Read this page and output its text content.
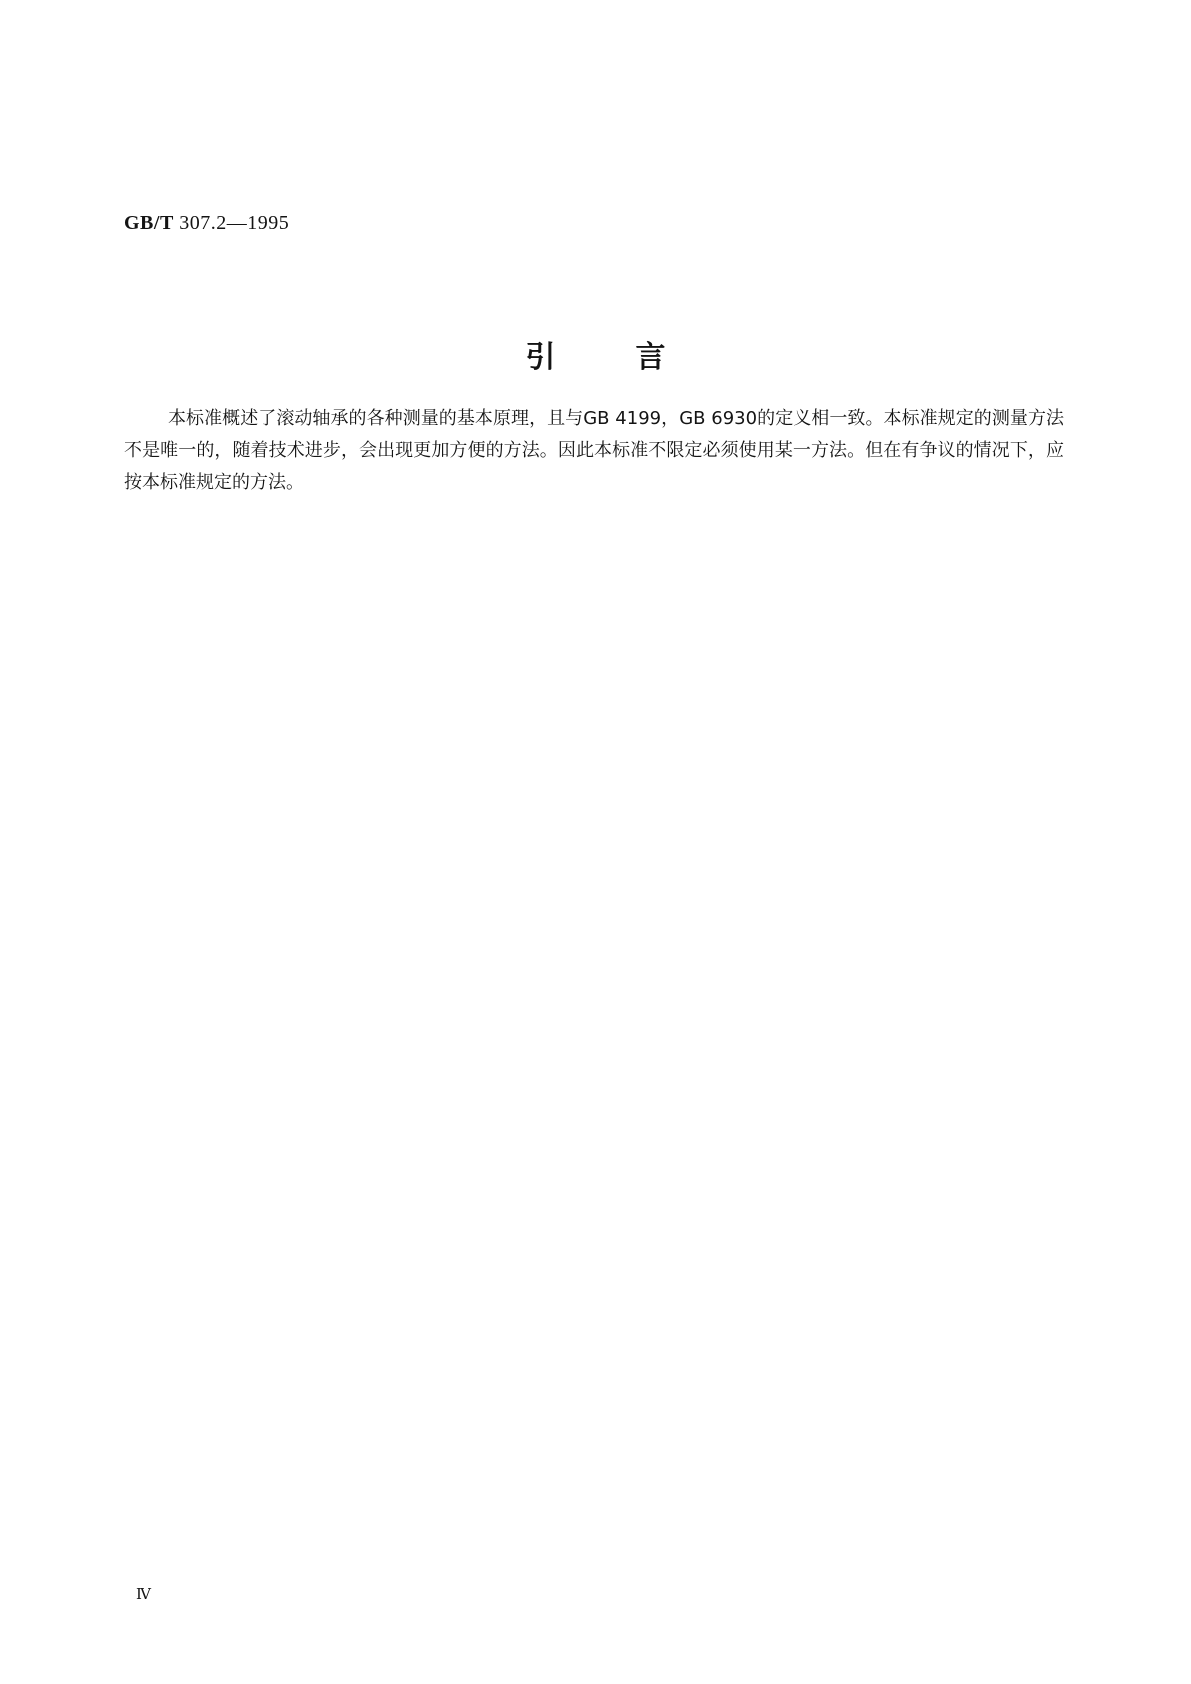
GB/T 307.2—1995
引言

本标准概述了滚动轴承的各种测量的基本原理，且与GB 4199，GB 6930的定义相一致。本标准规定的测量方法不是唯一的，随着技术进步，会出现更加方便的方法。因此本标准不限定必须使用某一方法。但在有争议的情况下，应按本标准规定的方法。

Ⅳ
